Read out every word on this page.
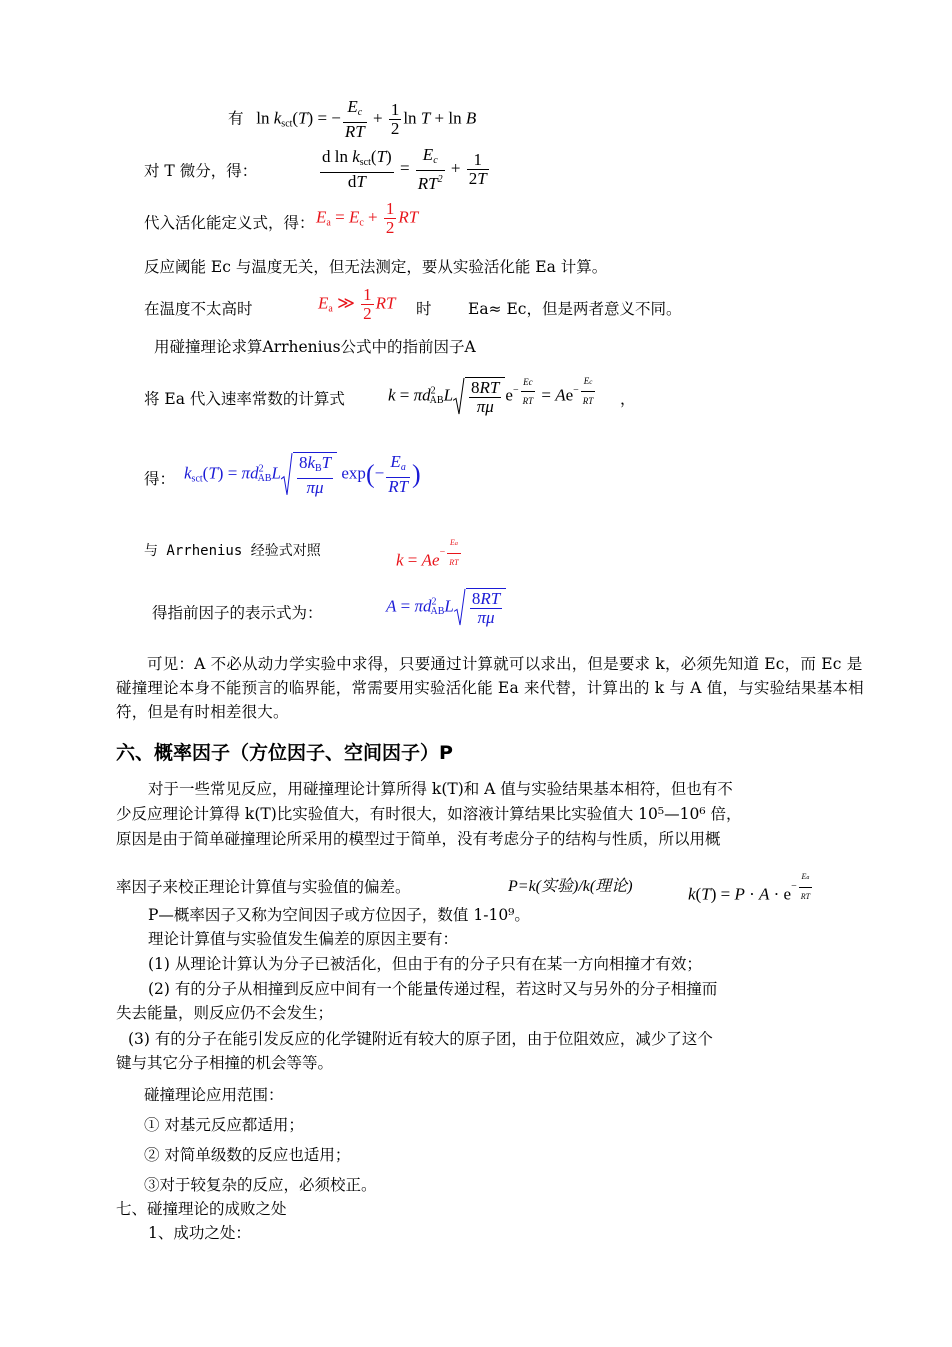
有   $\ln k_{sct}(T)$ = − $\frac{E_c}{RT} + \frac{1}{2}$ ln T + ln B
对 T 微分，得：	$\frac{d \ln k_{sct}(T)}{dT} = \frac{E_c}{RT^2} + \frac{1}{2T}$
代入活化能定义式，得： $E_a = E_c + \frac{1}{2}$ RT
反应阈能 Ec 与温度无关，但无法测定，要从实验活化能 Ea 计算。
在温度不太高时	$E_a$ ≫ $\frac{1}{2}$ RT 时 Ea≈ Ec，但是两者意义不同。
用碰撞理论求算Arrhenius公式中的指前因子A
将 Ea 代入速率常数的计算式	$k = \pi d^2_{AB}L \frac{8RT}{\pi\mu} e^{- \frac{Ec}{RT}} = Ae^{- \frac{Ec}{RT}}$ ，
得： $k_{sct}(T) = \pi d^2_{AB}L \frac{8k_BT}{\pi\mu} \exp(- \frac{E_a}{RT}$ )
与 Arrhenius 经验式对照	$k = Ae^{- \frac{Ea}{RT}}$
得指前因子的表示式为：	$A = \pi d^2_{AB}L \frac{8RT}{\pi\mu}$
可见：A 不必从动力学实验中求得，只要通过计算就可以求出，但是要求 k，必须先知道 Ec，而 Ec 是碰撞理论本身不能预言的临界能，常需要用实验活化能 Ea 来代替，计算出的 k 与 A 值，与实验结果基本相符，但是有时相差很大。
六、概率因子（方位因子、空间因子）P
对于一些常见反应，用碰撞理论计算所得 k(T)和 A 值与实验结果基本相符，但也有不
少反应理论计算得 k(T)比实验值大，有时很大，如溶液计算结果比实验值大 10⁵—10⁶ 倍，
原因是由于简单碰撞理论所采用的模型过于简单，没有考虑分子的结构与性质，所以用概
率因子来校正理论计算值与实验值的偏差。	P=k(实验)/k(理论)	$k(T) = P \cdot A \cdot e^{- \frac{Ea}{RT}}$
P—概率因子又称为空间因子或方位因子，数值 1-10⁹。
理论计算值与实验值发生偏差的原因主要有：
(1) 从理论计算认为分子已被活化，但由于有的分子只有在某一方向相撞才有效；
(2) 有的分子从相撞到反应中间有一个能量传递过程，若这时又与另外的分子相撞而
失去能量，则反应仍不会发生；
(3) 有的分子在能引发反应的化学键附近有较大的原子团，由于位阻效应，减少了这个
键与其它分子相撞的机会等等。
碰撞理论应用范围：
① 对基元反应都适用；
② 对简单级数的反应也适用；
③对于较复杂的反应，必须校正。
七、碰撞理论的成败之处
1、成功之处：
